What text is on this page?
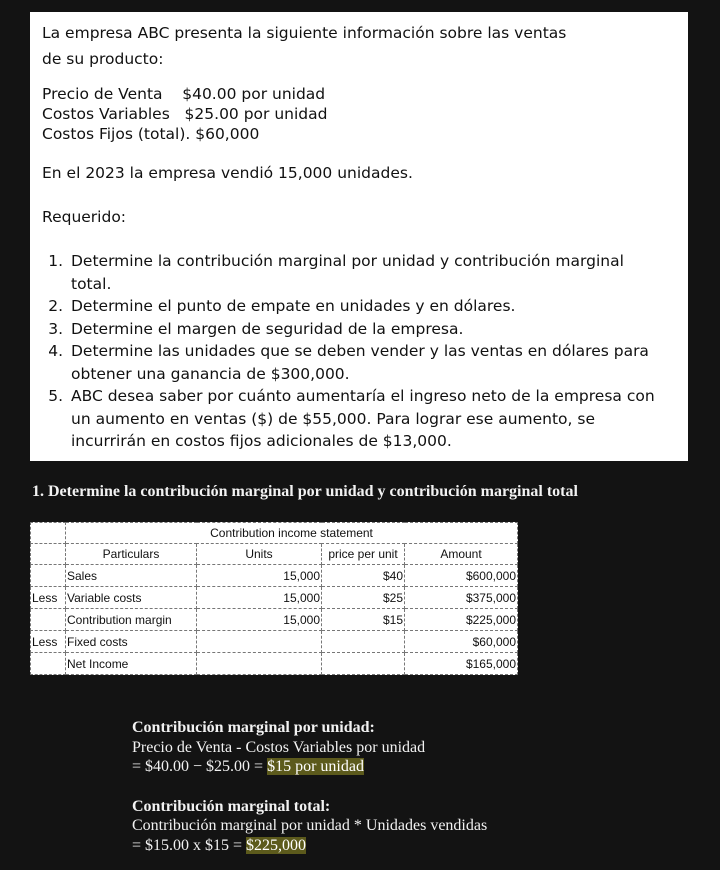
La empresa ABC presenta la siguiente información sobre las ventas
de su producto:

Precio de Venta    $40.00 por unidad
Costos Variables   $25.00 por unidad
Costos Fijos (total). $60,000

En el 2023 la empresa vendió 15,000 unidades.

Requerido:

1. Determine la contribución marginal por unidad y contribución marginal total.
2. Determine el punto de empate en unidades y en dólares.
3. Determine el margen de seguridad de la empresa.
4. Determine las unidades que se deben vender y las ventas en dólares para obtener una ganancia de $300,000.
5. ABC desea saber por cuánto aumentaría el ingreso neto de la empresa con un aumento en ventas ($) de $55,000. Para lograr ese aumento, se incurrirán en costos fijos adicionales de $13,000.
1. Determine la contribución marginal por unidad y contribución marginal total
	Contribution income statement			
	Particulars	Units	price per unit	Amount
	Sales	15,000	$40	$600,000
Less	Variable costs	15,000	$25	$375,000
	Contribution margin	15,000	$15	$225,000
Less	Fixed costs			$60,000
	Net Income			$165,000
Contribución marginal por unidad:
Precio de Venta - Costos Variables por unidad
= $40.00 − $25.00 = $15 por unidad
Contribución marginal total:
Contribución marginal por unidad * Unidades vendidas
= $15.00 x $15 = $225,000
